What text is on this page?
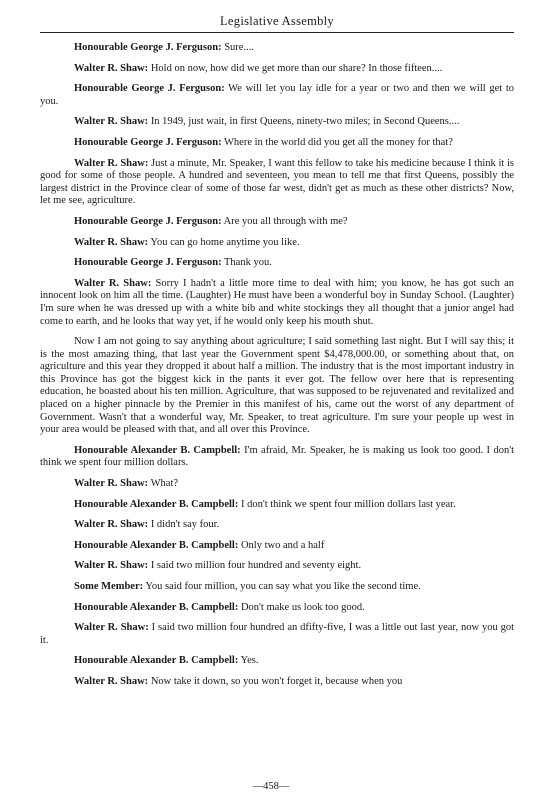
Legislative Assembly

Honourable George J. Ferguson: Sure....

Walter R. Shaw: Hold on now, how did we get more than our share? In those fifteen....

Honourable George J. Ferguson: We will let you lay idle for a year or two and then we will get to you.

Walter R. Shaw: In 1949, just wait, in first Queens, ninety-two miles; in Second Queens....

Honourable George J. Ferguson: Where in the world did you get all the money for that?

Walter R. Shaw: Just a minute, Mr. Speaker, I want this fellow to take his medicine because I think it is good for some of those people. A hundred and seventeen, you mean to tell me that first Queens, possibly the largest district in the Province clear of some of those far west, didn't get as much as these other districts? Now, let me see, agriculture.

Honourable George J. Ferguson: Are you all through with me?

Walter R. Shaw: You can go home anytime you like.

Honourable George J. Ferguson: Thank you.

Walter R. Shaw: Sorry I hadn't a little more time to deal with him; you know, he has got such an innocent look on him all the time. (Laughter) He must have been a wonderful boy in Sunday School. (Laughter) I'm sure when he was dressed up with a white bib and white stockings they all thought that a junior angel had come to earth, and he looks that way yet, if he would only keep his mouth shut.

Now I am not going to say anything about agriculture; I said something last night. But I will say this; it is the most amazing thing, that last year the Government spent $4,478,000.00, or something about that, on agriculture and this year they dropped it about half a million. The industry that is the most important industry in this Province has got the biggest kick in the pants it ever got. The fellow over here that is representing education, he boasted about his ten million. Agriculture, that was supposed to be rejuvenated and revitalized and placed on a higher pinnacle by the Premier in this manifest of his, came out the worst of any department of Government. Wasn't that a wonderful way, Mr. Speaker, to treat agriculture. I'm sure your people up west in your area would be pleased with that, and all over this Province.

Honourable Alexander B. Campbell: I'm afraid, Mr. Speaker, he is making us look too good. I don't think we spent four million dollars.

Walter R. Shaw: What?

Honourable Alexander B. Campbell: I don't think we spent four million dollars last year.

Walter R. Shaw: I didn't say four.

Honourable Alexander B. Campbell: Only two and a half

Walter R. Shaw: I said two million four hundred and seventy eight.

Some Member: You said four million, you can say what you like the second time.

Honourable Alexander B. Campbell: Don't make us look too good.

Walter R. Shaw: I said two million four hundred an dfifty-five, I was a little out last year, now you got it.

Honourable Alexander B. Campbell: Yes.

Walter R. Shaw: Now take it down, so you won't forget it, because when you

—458—
